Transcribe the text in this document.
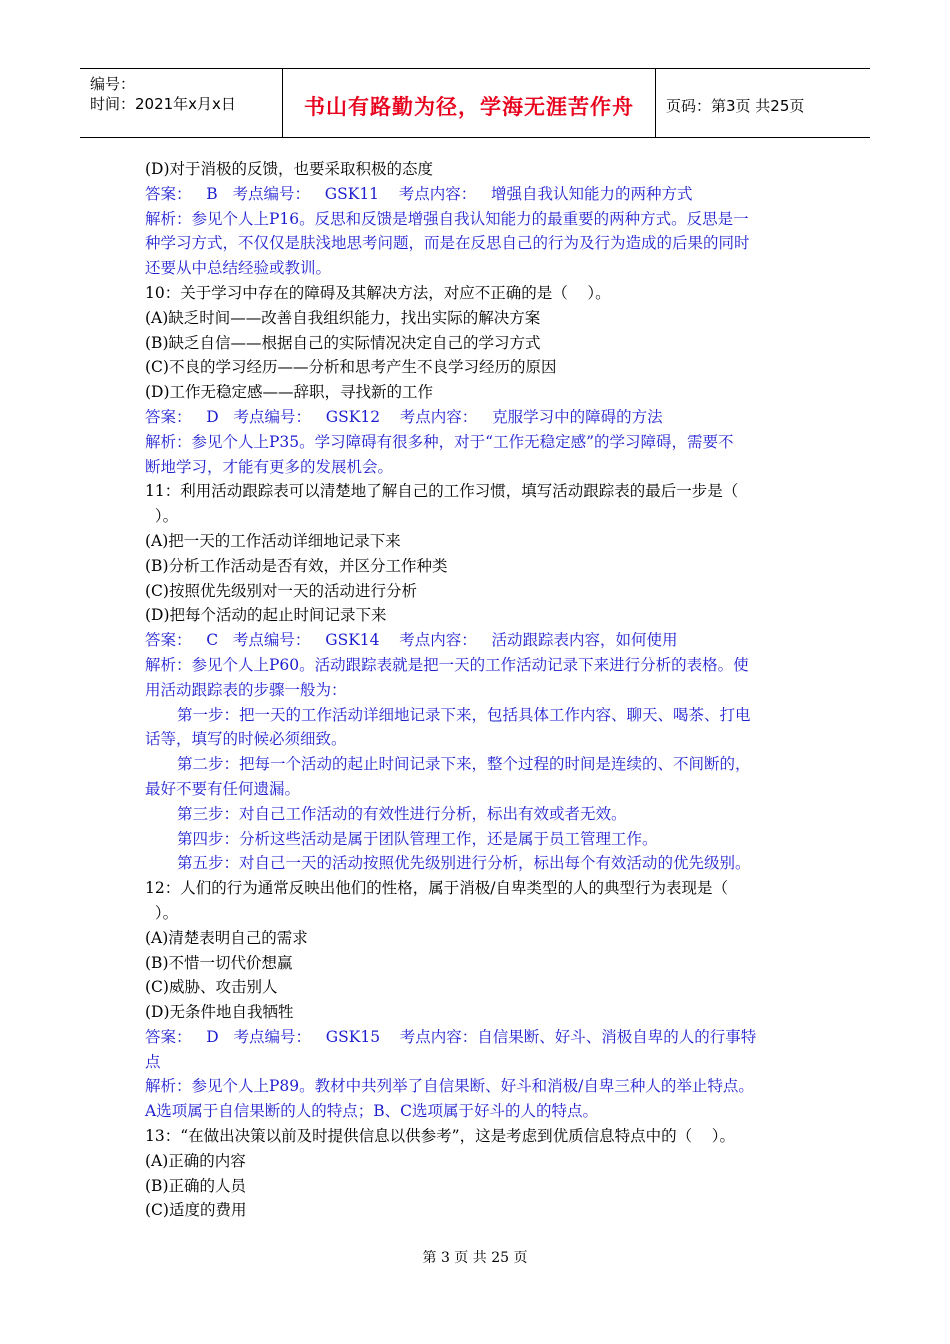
编号：
时间：2021年x月x日	书山有路勤为径，学海无涯苦作舟	页码：第3页 共25页
(D)对于消极的反馈，也要采取积极的态度
答案：   B   考点编号：   GSK11    考点内容：   增强自我认知能力的两种方式
解析：参见个人上P16。反思和反馈是增强自我认知能力的最重要的两种方式。反思是一
种学习方式，不仅仅是肤浅地思考问题，而是在反思自己的行为及行为造成的后果的同时
还要从中总结经验或教训。
10：关于学习中存在的障碍及其解决方法，对应不正确的是（    ）。
(A)缺乏时间——改善自我组织能力，找出实际的解决方案
(B)缺乏自信——根据自己的实际情况决定自己的学习方式
(C)不良的学习经历——分析和思考产生不良学习经历的原因
(D)工作无稳定感——辞职，寻找新的工作
答案：   D   考点编号：   GSK12    考点内容：   克服学习中的障碍的方法
解析：参见个人上P35。学习障碍有很多种，对于“工作无稳定感”的学习障碍，需要不
断地学习，才能有更多的发展机会。
11：利用活动跟踪表可以清楚地了解自己的工作习惯，填写活动跟踪表的最后一步是（
）。
(A)把一天的工作活动详细地记录下来
(B)分析工作活动是否有效，并区分工作种类
(C)按照优先级别对一天的活动进行分析
(D)把每个活动的起止时间记录下来
答案：   C   考点编号：   GSK14    考点内容：   活动跟踪表内容，如何使用
解析：参见个人上P60。活动跟踪表就是把一天的工作活动记录下来进行分析的表格。使
用活动跟踪表的步骤一般为：
第一步：把一天的工作活动详细地记录下来，包括具体工作内容、聊天、喝茶、打电
话等，填写的时候必须细致。
第二步：把每一个活动的起止时间记录下来，整个过程的时间是连续的、不间断的，
最好不要有任何遗漏。
第三步：对自己工作活动的有效性进行分析，标出有效或者无效。
第四步：分析这些活动是属于团队管理工作，还是属于员工管理工作。
第五步：对自己一天的活动按照优先级别进行分析，标出每个有效活动的优先级别。
12：人们的行为通常反映出他们的性格，属于消极/自卑类型的人的典型行为表现是（
）。
(A)清楚表明自己的需求
(B)不惜一切代价想赢
(C)威胁、攻击别人
(D)无条件地自我牺牲
答案：   D   考点编号：   GSK15    考点内容：自信果断、好斗、消极自卑的人的行事特
点
解析：参见个人上P89。教材中共列举了自信果断、好斗和消极/自卑三种人的举止特点。
A选项属于自信果断的人的特点；B、C选项属于好斗的人的特点。
13：“在做出决策以前及时提供信息以供参考”，这是考虑到优质信息特点中的（    ）。
(A)正确的内容
(B)正确的人员
(C)适度的费用
第 3 页 共 25 页
